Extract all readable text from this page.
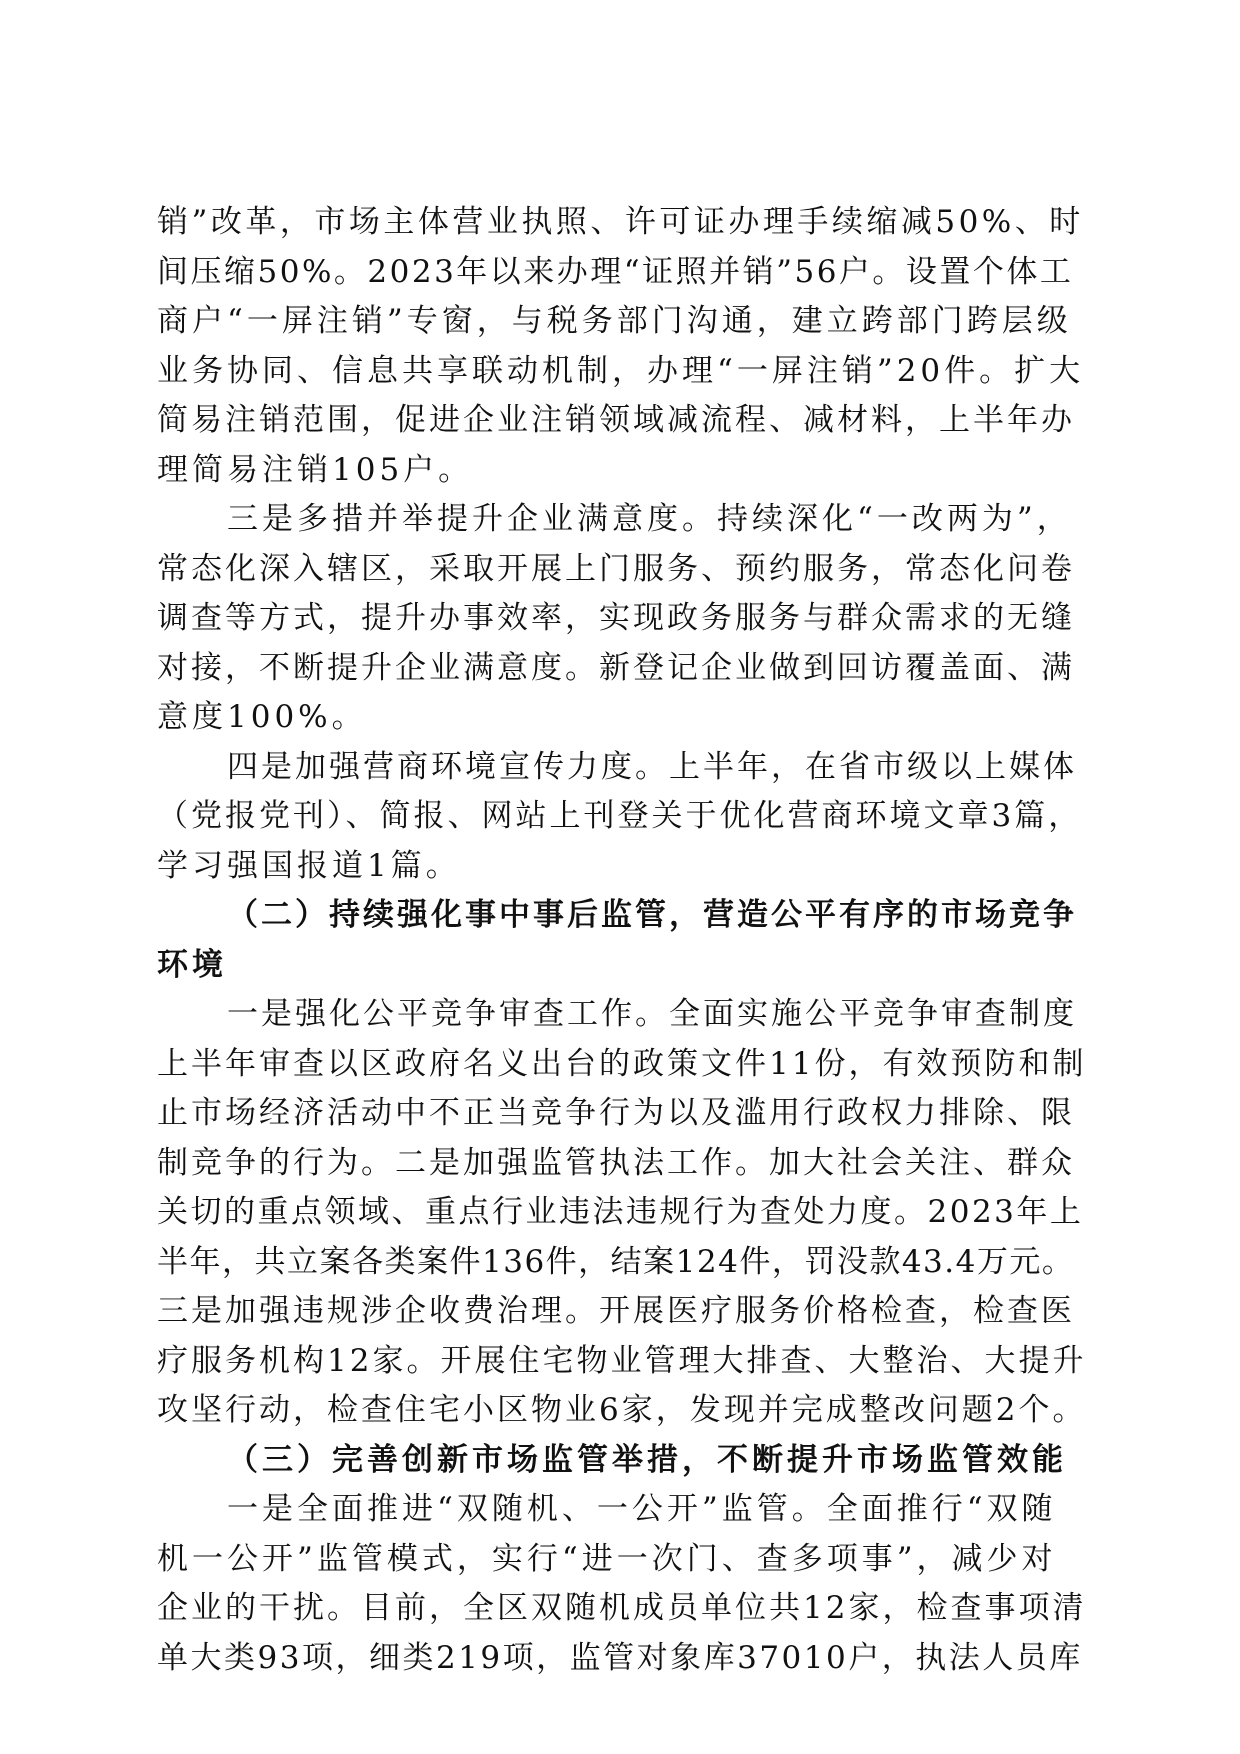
销”改革，市场主体营业执照、许可证办理手续缩减50%、时
间压缩50%。2023年以来办理“证照并销”56户。设置个体工
商户“一屏注销”专窗，与税务部门沟通，建立跨部门跨层级
业务协同、信息共享联动机制，办理“一屏注销”20件。扩大
简易注销范围，促进企业注销领域减流程、减材料，上半年办
理简易注销105户。
三是多措并举提升企业满意度。持续深化“一改两为”，
常态化深入辖区，采取开展上门服务、预约服务，常态化问卷
调查等方式，提升办事效率，实现政务服务与群众需求的无缝
对接，不断提升企业满意度。新登记企业做到回访覆盖面、满
意度100%。
四是加强营商环境宣传力度。上半年，在省市级以上媒体
（党报党刊）、简报、网站上刊登关于优化营商环境文章3篇，
学习强国报道1篇。
（二）持续强化事中事后监管，营造公平有序的市场竞争
环境
一是强化公平竞争审查工作。全面实施公平竞争审查制度
上半年审查以区政府名义出台的政策文件11份，有效预防和制
止市场经济活动中不正当竞争行为以及滥用行政权力排除、限
制竞争的行为。二是加强监管执法工作。加大社会关注、群众
关切的重点领域、重点行业违法违规行为查处力度。2023年上
半年，共立案各类案件136件，结案124件，罚没款43.4万元。
三是加强违规涉企收费治理。开展医疗服务价格检查，检查医
疗服务机构12家。开展住宅物业管理大排查、大整治、大提升
攻坚行动，检查住宅小区物业6家，发现并完成整改问题2个。
（三）完善创新市场监管举措，不断提升市场监管效能
一是全面推进“双随机、一公开”监管。全面推行“双随
机一公开”监管模式，实行“进一次门、查多项事”，减少对
企业的干扰。目前，全区双随机成员单位共12家，检查事项清
单大类93项，细类219项，监管对象库37010户，执法人员库
